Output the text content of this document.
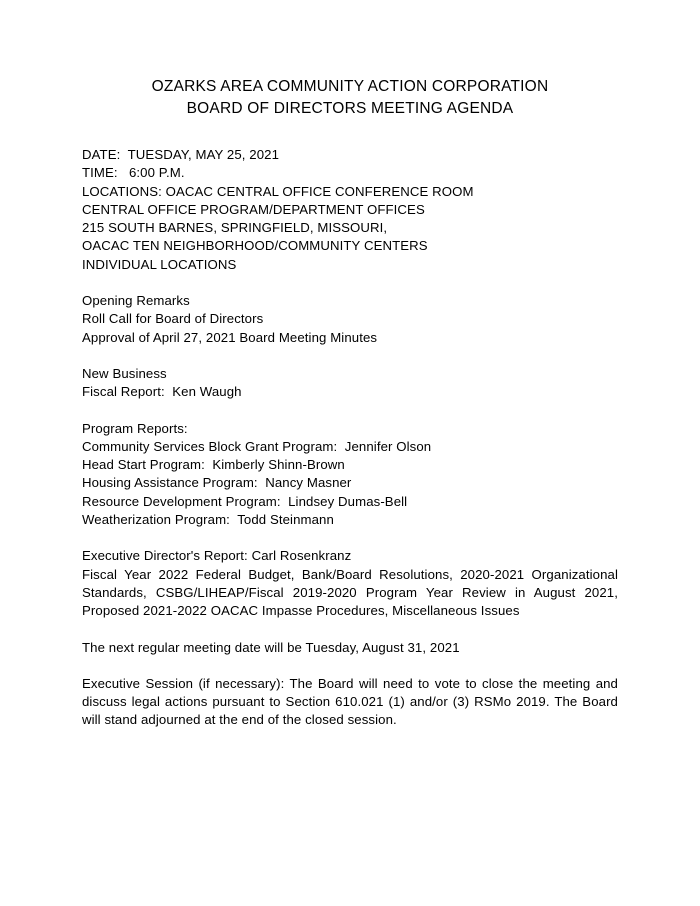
OZARKS AREA COMMUNITY ACTION CORPORATION
BOARD OF DIRECTORS MEETING AGENDA
DATE:  TUESDAY, MAY 25, 2021
TIME:   6:00 P.M.
LOCATIONS: OACAC CENTRAL OFFICE CONFERENCE ROOM
CENTRAL OFFICE PROGRAM/DEPARTMENT OFFICES
215 SOUTH BARNES, SPRINGFIELD, MISSOURI,
OACAC TEN NEIGHBORHOOD/COMMUNITY CENTERS
INDIVIDUAL LOCATIONS
Opening Remarks
Roll Call for Board of Directors
Approval of April 27, 2021 Board Meeting Minutes
New Business
Fiscal Report:  Ken Waugh
Program Reports:
Community Services Block Grant Program:  Jennifer Olson
Head Start Program:  Kimberly Shinn-Brown
Housing Assistance Program:  Nancy Masner
Resource Development Program:  Lindsey Dumas-Bell
Weatherization Program:  Todd Steinmann
Executive Director's Report: Carl Rosenkranz
Fiscal Year 2022 Federal Budget, Bank/Board Resolutions, 2020-2021 Organizational Standards, CSBG/LIHEAP/Fiscal 2019-2020 Program Year Review in August 2021, Proposed 2021-2022 OACAC Impasse Procedures, Miscellaneous Issues
The next regular meeting date will be Tuesday, August 31, 2021
Executive Session (if necessary): The Board will need to vote to close the meeting and discuss legal actions pursuant to Section 610.021 (1) and/or (3) RSMo 2019. The Board will stand adjourned at the end of the closed session.
